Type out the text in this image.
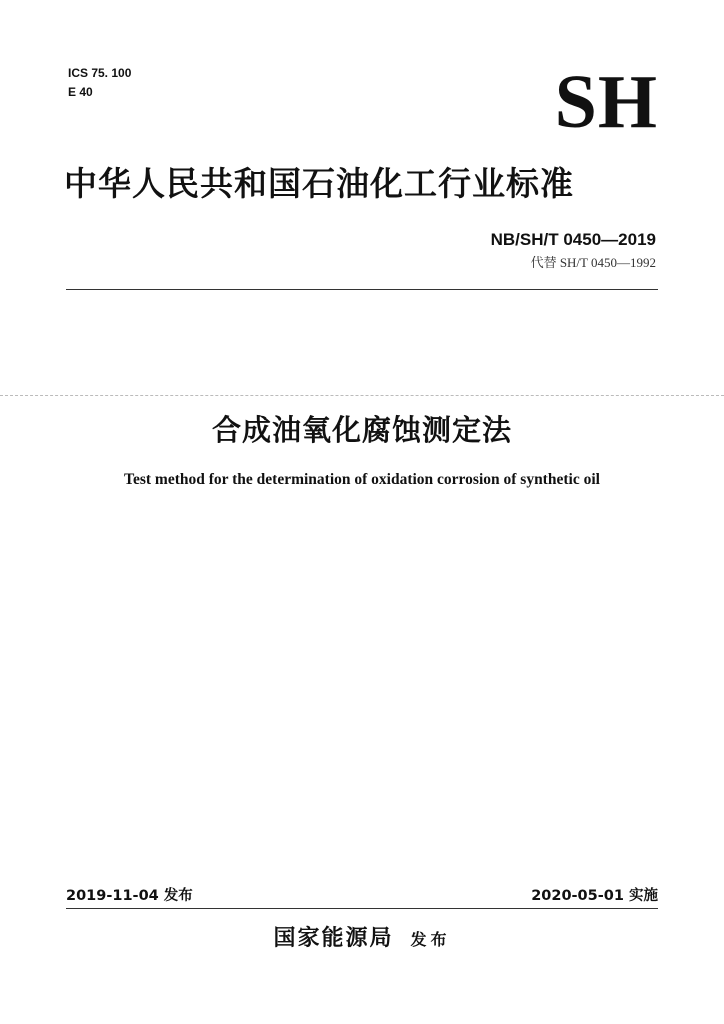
ICS 75. 100
E 40	SH
中华人民共和国石油化工行业标准
NB/SH/T 0450—2019
代替 SH/T 0450—1992
合成油氧化腐蚀测定法
Test method for the determination of oxidation corrosion of synthetic oil
2019-11-04 发布	2020-05-01 实施
国家能源局 发布
